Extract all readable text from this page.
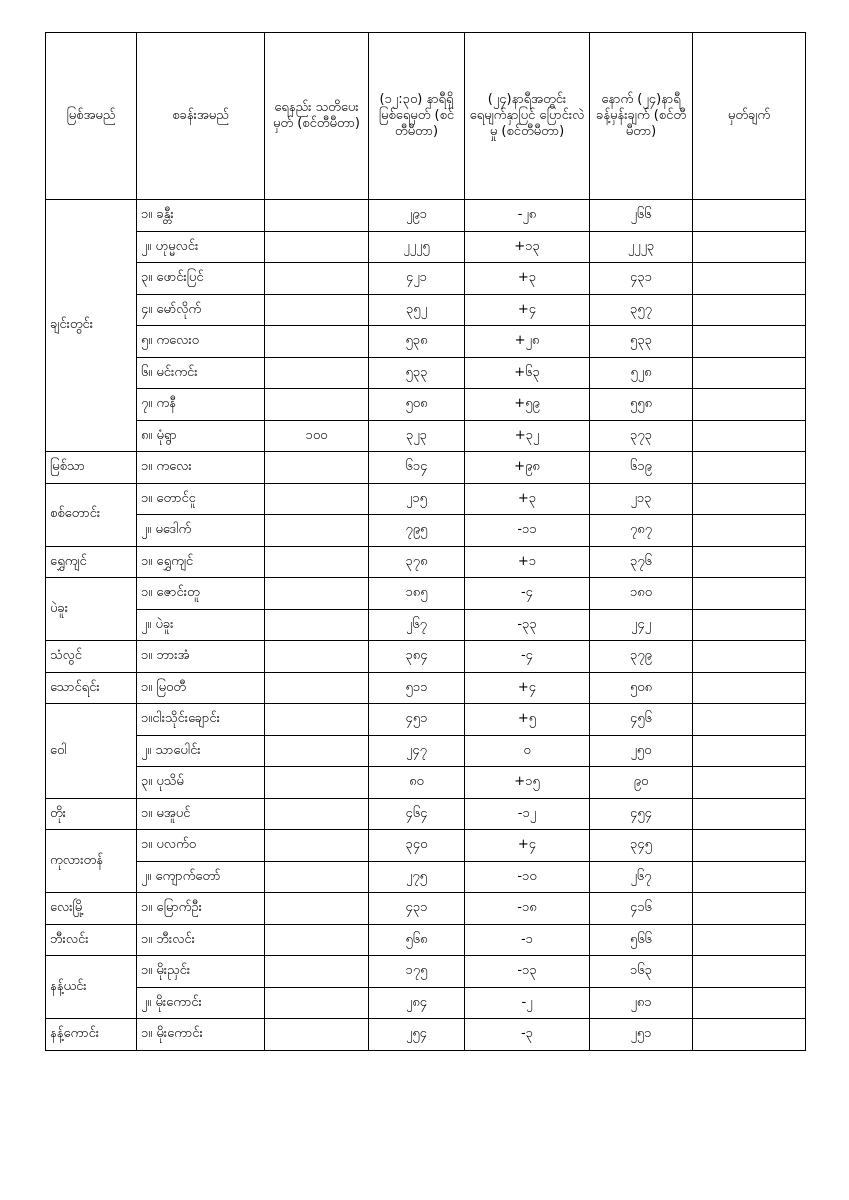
မြစ်အမည်	စခန်းအမည်	ရေနည်း သတိပေးမှတ် (စင်တီမီတာ)	(၁၂:၃၀) နာရီရှိ မြစ်ရေမှတ် (စင်တီမီတာ)	(၂၄)နာရီအတွင်း ရေမျက်နှာပြင် ပြောင်းလဲမှု (စင်တီမီတာ)	နောက် (၂၄)နာရီ ခန့်မှန်းချက် (စင်တီမီတာ)	မှတ်ချက်
ချင်းတွင်း	၁။ ခန္တီး		၂၉၁	-၂၈	၂၆၆	
	၂။ ဟုမ္မလင်း		၂၂၂၅	+၁၃	၂၂၂၃	
	၃။ ဖောင်းပြင်		၄၂၁	+၃	၄၃၁	
	၄။ မော်လိုက်		၃၅၂	+၄	၃၅၇	
	၅။ ကလေးဝ		၅၃၈	+၂၈	၅၃၃	
	၆။ မင်းကင်း		၅၃၃	+၆၃	၅၂၈	
	၇။ ကနီ		၅၀၈	+၅၉	၅၅၈	
	၈။ မုံရွာ	၁၀၀	၃၂၃	+၃၂	၃၇၃	
မြစ်သာ	၁။ ကလေး		၆၁၄	+၉၈	၆၁၉	
စစ်တောင်း	၁။ တောင်ငူ		၂၁၅	+၃	၂၁၃	
	၂။ မဒေါက်		၇၉၅	-၁၁	၇၈၇	
ရွှေကျင်	၁။ ရွှေကျင်		၃၇၈	+၁	၃၇၆	
ပဲခူး	၁။ ဇောင်းတူ		၁၈၅	-၄	၁၈၀	
	၂။ ပဲခူး		၂၆၇	-၃၃	၂၄၂	
သံလွင်	၁။ ဘားအံ		၃၈၄	-၄	၃၇၉	
သောင်ရင်း	၁။ မြဝတီ		၅၁၁	+၄	၅၀၈	
ဝေါ	၁။ငါးသိုင်းချောင်း		၄၅၁	+၅	၄၅၆	
	၂။ သာပေါင်း		၂၄၇	၀	၂၅၀	
	၃။ ပုသိမ်		၈၀	+၁၅	၉၀	
တိုး	၁။ မအူပင်		၄၆၄	-၁၂	၄၅၄	
ကုလားတန်	၁။ ပလက်ဝ		၃၄၀	+၄	၃၄၅	
	၂။ ကျောက်တော်		၂၇၅	-၁၀	၂၆၇	
လေးမြို့	၁။ မြောက်ဦး		၄၃၁	-၁၈	၄၁၆	
ဘီးလင်း	၁။ ဘီးလင်း		၅၆၈	-၁	၅၆၆	
နန့်ယင်း	၁။ မိုးညှင်း		၁၇၅	-၁၃	၁၆၃	
	၂။ မိုးကောင်း		၂၈၄	-၂	၂၈၁	
နန့်ကောင်း	၁။ မိုးကောင်း		၂၅၄	-၃	၂၅၁	
